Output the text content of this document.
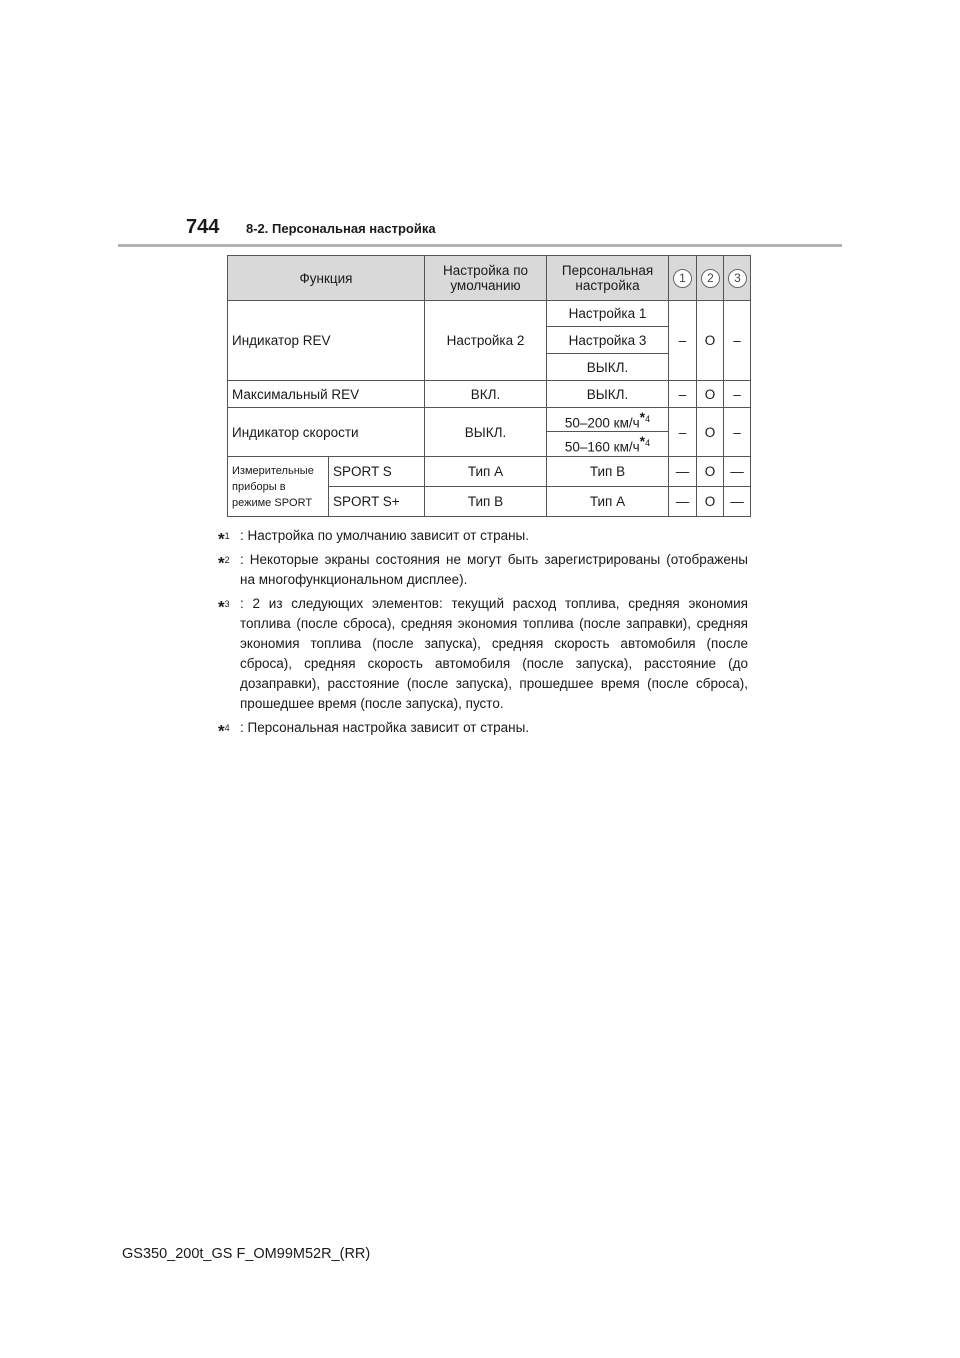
744 8-2. Персональная настройка
Функция		Настройка по умолчанию	Персональная настройка	1	2	3
Индикатор REV		Настройка 2	Настройка 1	–	O	–
			Настройка 3			
			ВЫКЛ.			
Максимальный REV		ВКЛ.	ВЫКЛ.	–	O	–
Индикатор скорости		ВЫКЛ.	50–200 $км/ч^{*4}$	–	O	–
			50–160 $км/ч^{*4}$
Измерительные приборы в режиме SPORT	SPORT S	Тип A	Тип B	—	O	—
	SPORT S+	Тип B	Тип A	—	O	—
*$^1$ : Настройка по умолчанию зависит от страны.
*$^2$ : Некоторые экраны состояния не могут быть зарегистрированы (отображены на многофункциональном дисплее).
*$^3$ : 2 из следующих элементов: текущий расход топлива, средняя экономия топлива (после сброса), средняя экономия топлива (после заправки), средняя экономия топлива (после запуска), средняя скорость автомобиля (после сброса), средняя скорость автомобиля (после запуска), расстояние (до дозаправки), расстояние (после запуска), прошедшее время (после сброса), прошедшее время (после запуска), пусто.
*$^4$ : Персональная настройка зависит от страны.
GS350_200t_GS F_OM99M52R_(RR)
